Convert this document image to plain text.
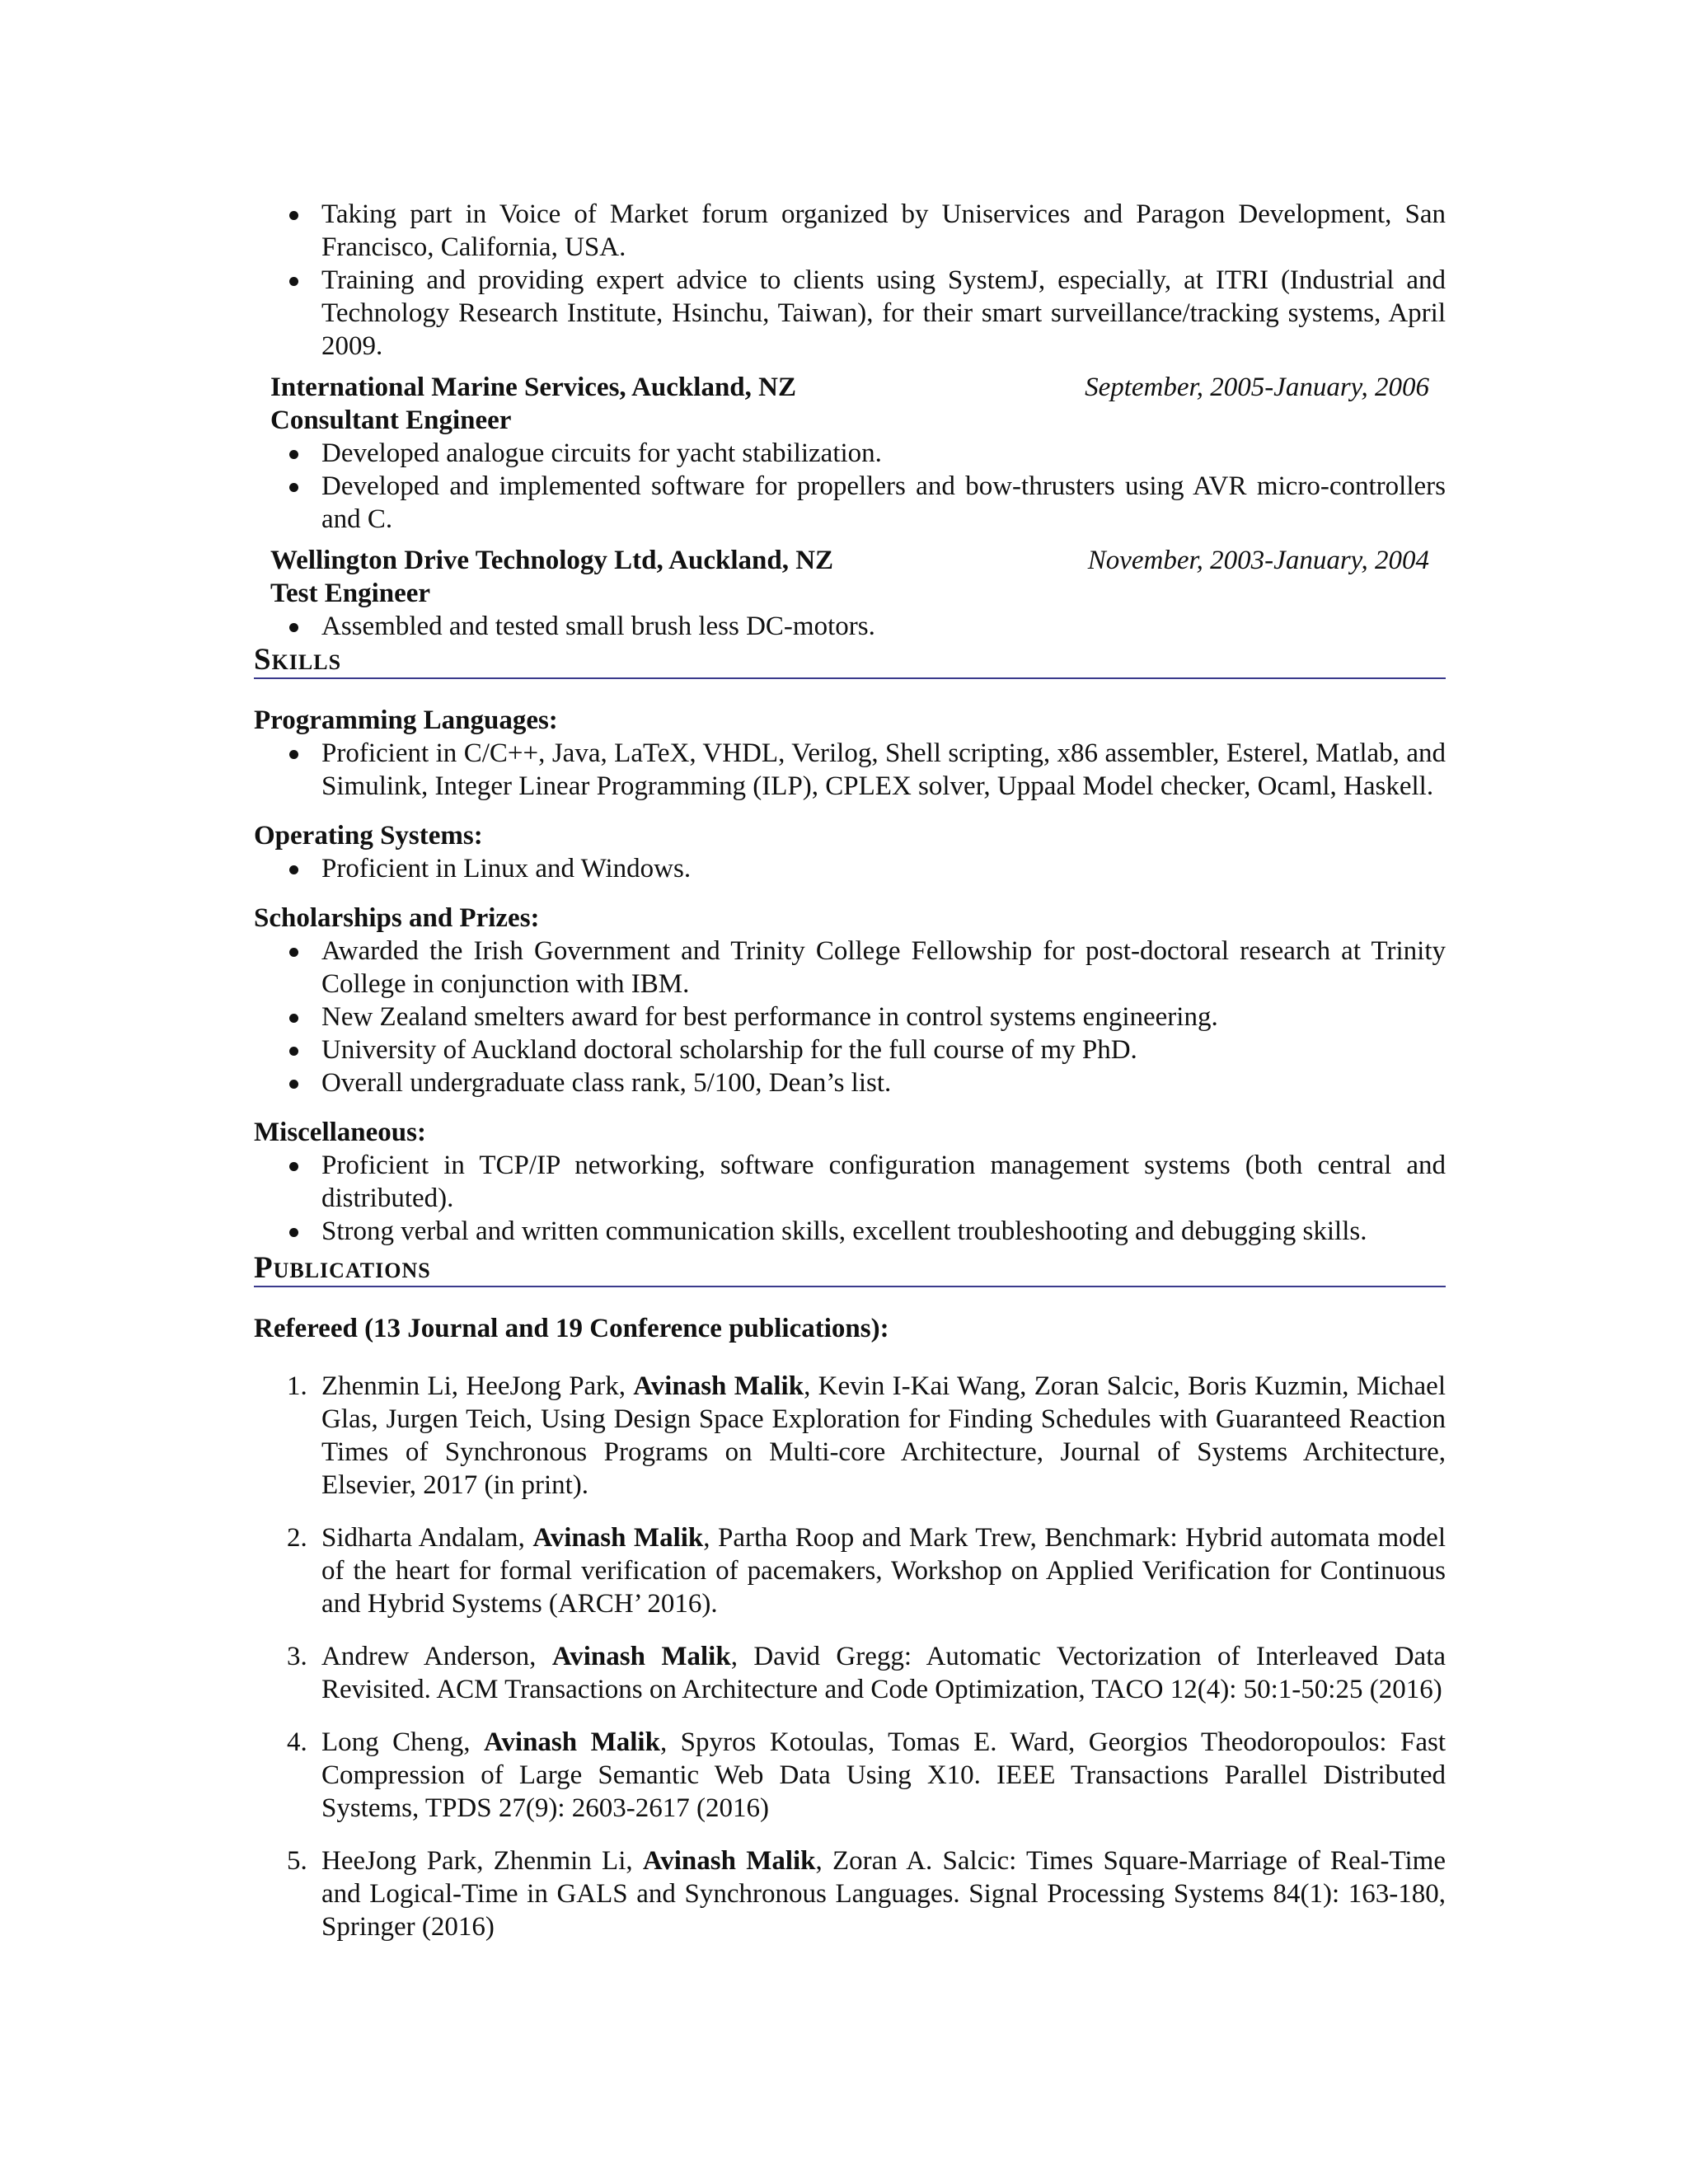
Taking part in Voice of Market forum organized by Uniservices and Paragon Development, San Francisco, California, USA.
Training and providing expert advice to clients using SystemJ, especially, at ITRI (Industrial and Technology Research Institute, Hsinchu, Taiwan), for their smart surveillance/tracking systems, April 2009.
International Marine Services, Auckland, NZ	September, 2005-January, 2006
Consultant Engineer
Developed analogue circuits for yacht stabilization.
Developed and implemented software for propellers and bow-thrusters using AVR micro-controllers and C.
Wellington Drive Technology Ltd, Auckland, NZ	November, 2003-January, 2004
Test Engineer
Assembled and tested small brush less DC-motors.
Skills
Programming Languages:
Proficient in C/C++, Java, LaTeX, VHDL, Verilog, Shell scripting, x86 assembler, Esterel, Matlab, and Simulink, Integer Linear Programming (ILP), CPLEX solver, Uppaal Model checker, Ocaml, Haskell.
Operating Systems:
Proficient in Linux and Windows.
Scholarships and Prizes:
Awarded the Irish Government and Trinity College Fellowship for post-doctoral research at Trinity College in conjunction with IBM.
New Zealand smelters award for best performance in control systems engineering.
University of Auckland doctoral scholarship for the full course of my PhD.
Overall undergraduate class rank, 5/100, Dean’s list.
Miscellaneous:
Proficient in TCP/IP networking, software configuration management systems (both central and distributed).
Strong verbal and written communication skills, excellent troubleshooting and debugging skills.
Publications
Refereed (13 Journal and 19 Conference publications):
1. Zhenmin Li, HeeJong Park, Avinash Malik, Kevin I-Kai Wang, Zoran Salcic, Boris Kuzmin, Michael Glas, Jurgen Teich, Using Design Space Exploration for Finding Schedules with Guaranteed Reaction Times of Synchronous Programs on Multi-core Architecture, Journal of Systems Architecture, Elsevier, 2017 (in print).
2. Sidharta Andalam, Avinash Malik, Partha Roop and Mark Trew, Benchmark: Hybrid automata model of the heart for formal verification of pacemakers, Workshop on Applied Verification for Continuous and Hybrid Systems (ARCH’ 2016).
3. Andrew Anderson, Avinash Malik, David Gregg: Automatic Vectorization of Interleaved Data Revisited. ACM Transactions on Architecture and Code Optimization, TACO 12(4): 50:1-50:25 (2016)
4. Long Cheng, Avinash Malik, Spyros Kotoulas, Tomas E. Ward, Georgios Theodoropoulos: Fast Compression of Large Semantic Web Data Using X10. IEEE Transactions Parallel Distributed Systems, TPDS 27(9): 2603-2617 (2016)
5. HeeJong Park, Zhenmin Li, Avinash Malik, Zoran A. Salcic: Times Square-Marriage of Real-Time and Logical-Time in GALS and Synchronous Languages. Signal Processing Systems 84(1): 163-180, Springer (2016)
